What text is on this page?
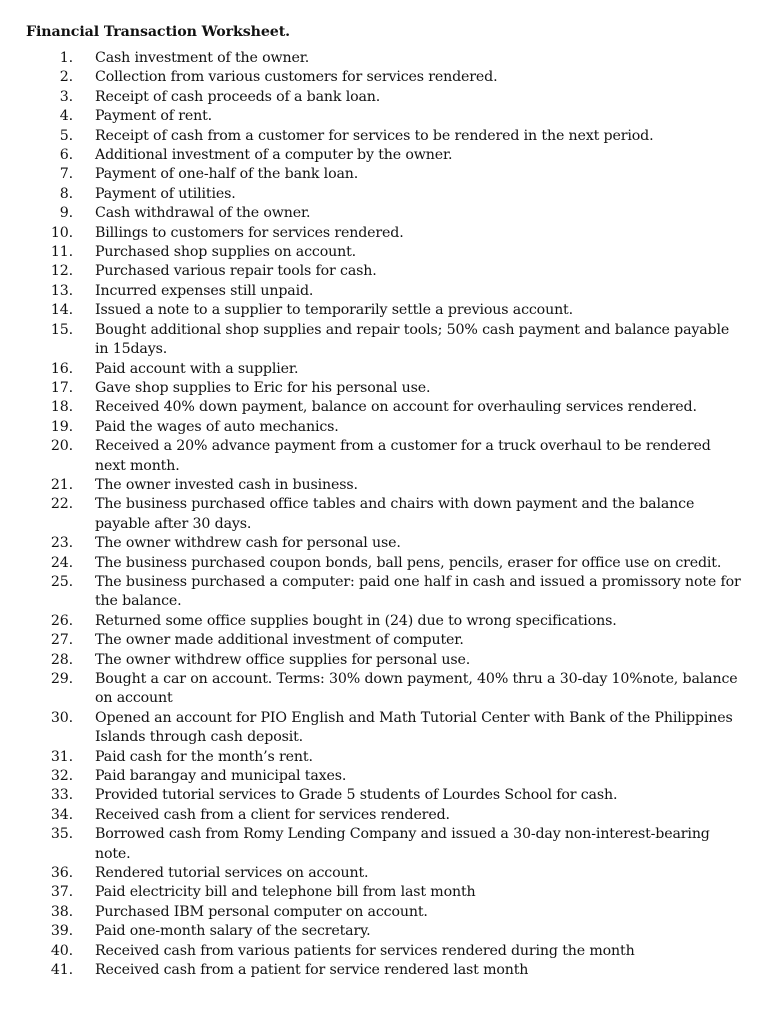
Financial Transaction Worksheet.
1. Cash investment of the owner.
2. Collection from various customers for services rendered.
3. Receipt of cash proceeds of a bank loan.
4. Payment of rent.
5. Receipt of cash from a customer for services to be rendered in the next period.
6. Additional investment of a computer by the owner.
7. Payment of one-half of the bank loan.
8. Payment of utilities.
9. Cash withdrawal of the owner.
10. Billings to customers for services rendered.
11. Purchased shop supplies on account.
12. Purchased various repair tools for cash.
13. Incurred expenses still unpaid.
14. Issued a note to a supplier to temporarily settle a previous account.
15. Bought additional shop supplies and repair tools; 50% cash payment and balance payable in 15days.
16. Paid account with a supplier.
17. Gave shop supplies to Eric for his personal use.
18. Received 40% down payment, balance on account for overhauling services rendered.
19. Paid the wages of auto mechanics.
20. Received a 20% advance payment from a customer for a truck overhaul to be rendered next month.
21. The owner invested cash in business.
22. The business purchased office tables and chairs with down payment and the balance payable after 30 days.
23. The owner withdrew cash for personal use.
24. The business purchased coupon bonds, ball pens, pencils, eraser for office use on credit.
25. The business purchased a computer: paid one half in cash and issued a promissory note for the balance.
26. Returned some office supplies bought in (24) due to wrong specifications.
27. The owner made additional investment of computer.
28. The owner withdrew office supplies for personal use.
29. Bought a car on account. Terms: 30% down payment, 40% thru a 30-day 10%note, balance on account
30. Opened an account for PIO English and Math Tutorial Center with Bank of the Philippines Islands through cash deposit.
31. Paid cash for the month’s rent.
32. Paid barangay and municipal taxes.
33. Provided tutorial services to Grade 5 students of Lourdes School for cash.
34. Received cash from a client for services rendered.
35. Borrowed cash from Romy Lending Company and issued a 30-day non-interest-bearing note.
36. Rendered tutorial services on account.
37. Paid electricity bill and telephone bill from last month
38. Purchased IBM personal computer on account.
39. Paid one-month salary of the secretary.
40. Received cash from various patients for services rendered during the month
41. Received cash from a patient for service rendered last month
